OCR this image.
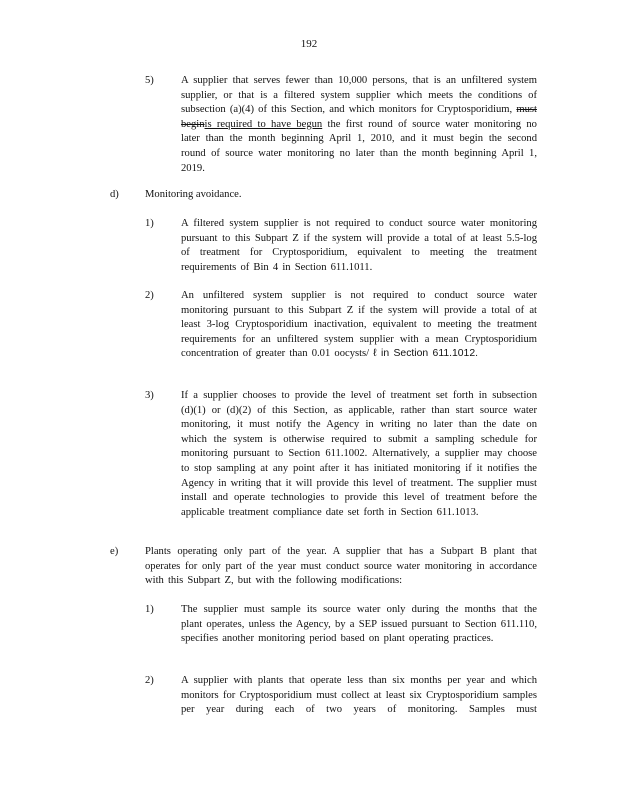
192
5)	A supplier that serves fewer than 10,000 persons, that is an unfiltered system supplier, or that is a filtered system supplier which meets the conditions of subsection (a)(4) of this Section, and which monitors for Cryptosporidium, must beginis required to have begun the first round of source water monitoring no later than the month beginning April 1, 2010, and it must begin the second round of source water monitoring no later than the month beginning April 1, 2019.
d) Monitoring avoidance.
1)	A filtered system supplier is not required to conduct source water monitoring pursuant to this Subpart Z if the system will provide a total of at least 5.5-log of treatment for Cryptosporidium, equivalent to meeting the treatment requirements of Bin 4 in Section 611.1011.
2)	An unfiltered system supplier is not required to conduct source water monitoring pursuant to this Subpart Z if the system will provide a total of at least 3-log Cryptosporidium inactivation, equivalent to meeting the treatment requirements for an unfiltered system supplier with a mean Cryptosporidium concentration of greater than 0.01 oocysts/ ℓ in Section 611.1012.
3)	If a supplier chooses to provide the level of treatment set forth in subsection (d)(1) or (d)(2) of this Section, as applicable, rather than start source water monitoring, it must notify the Agency in writing no later than the date on which the system is otherwise required to submit a sampling schedule for monitoring pursuant to Section 611.1002. Alternatively, a supplier may choose to stop sampling at any point after it has initiated monitoring if it notifies the Agency in writing that it will provide this level of treatment. The supplier must install and operate technologies to provide this level of treatment before the applicable treatment compliance date set forth in Section 611.1013.
e)	Plants operating only part of the year. A supplier that has a Subpart B plant that operates for only part of the year must conduct source water monitoring in accordance with this Subpart Z, but with the following modifications:
1)	The supplier must sample its source water only during the months that the plant operates, unless the Agency, by a SEP issued pursuant to Section 611.110, specifies another monitoring period based on plant operating practices.
2)	A supplier with plants that operate less than six months per year and which monitors for Cryptosporidium must collect at least six Cryptosporidium samples per year during each of two years of monitoring. Samples must
